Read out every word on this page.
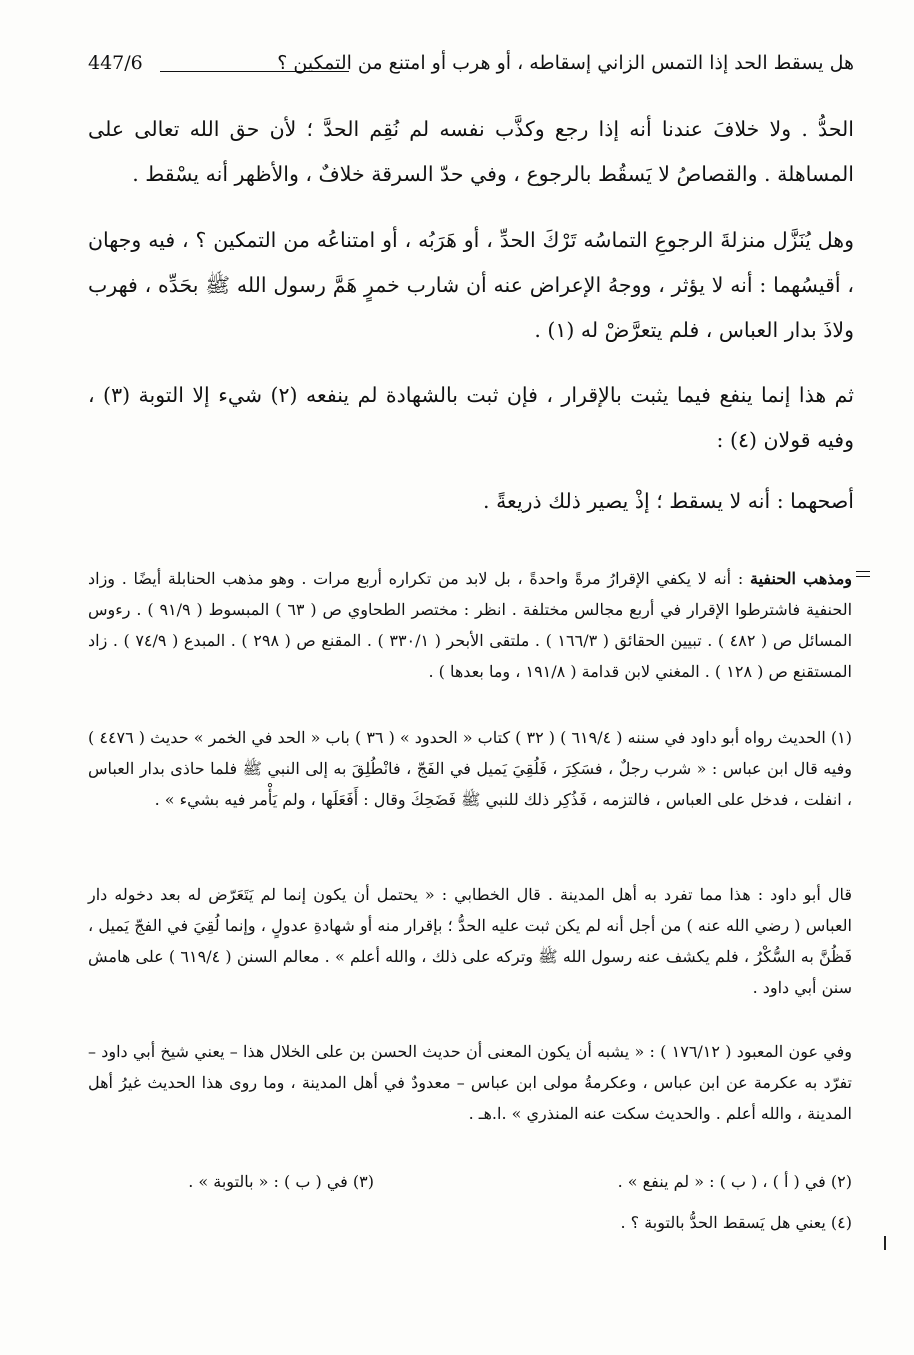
هل يسقط الحد إذا التمس الزاني إسقاطه ، أو هرب أو امتنع من التمكين ؟
447/6

الحدُّ . ولا خلافَ عندنا أنه إذا رجع وكذَّب نفسه لم نُقِم الحدَّ ؛ لأن حق الله تعالى على المساهلة . والقصاصُ لا يَسقُط بالرجوع ، وفي حدّ السرقة خلافٌ ، والأظهر أنه يسْقط .

وهل يُنَزَّل منزلةَ الرجوعِ التماسُه تَرْكَ الحدِّ ، أو هَرَبُه ، أو امتناعُه من التمكين ؟ ، فيه وجهان ، أقيسُهما : أنه لا يؤثر ، ووجهُ الإعراض عنه أن شارب خمرٍ هَمَّ رسول الله ﷺ بحَدِّه ، فهرب ولاذَ بدار العباس ، فلم يتعرَّضْ له (١) .

ثم هذا إنما ينفع فيما يثبت بالإقرار ، فإن ثبت بالشهادة لم ينفعه (٢) شيء إلا التوبة (٣) ، وفيه قولان (٤) :

أصحهما : أنه لا يسقط ؛ إذْ يصير ذلك ذريعةً .

ومذهب الحنفية : أنه لا يكفي الإقرارُ مرةً واحدةً ، بل لابد من تكراره أربع مرات . وهو مذهب الحنابلة أيضًا . وزاد الحنفية فاشترطوا الإقرار في أربع مجالس مختلفة . انظر : مختصر الطحاوي ص ( ٦٣ ) المبسوط ( ٩١/٩ ) . رءوس المسائل ص ( ٤٨٢ ) . تبيين الحقائق ( ١٦٦/٣ ) . ملتقى الأبحر ( ٣٣٠/١ ) . المقنع ص ( ٢٩٨ ) . المبدع ( ٧٤/٩ ) . زاد المستقنع ص ( ١٢٨ ) . المغني لابن قدامة ( ١٩١/٨ ، وما بعدها ) .

(١) الحديث رواه أبو داود في سننه ( ٦١٩/٤ ) ( ٣٢ ) كتاب « الحدود » ( ٣٦ ) باب « الحد في الخمر » حديث ( ٤٤٧٦ ) وفيه قال ابن عباس : « شرب رجلٌ ، فسَكِرَ ، فَلُقِيَ يَميل في الفَجّ ، فانْطُلِقَ به إلى النبي ﷺ فلما حاذى بدار العباس ، انفلت ، فدخل على العباس ، فالتزمه ، فَذُكِر ذلك للنبي ﷺ فَضَحِكَ وقال : أَفَعَلَها ، ولم يَأْمر فيه بشيء » .

قال أبو داود : هذا مما تفرد به أهل المدينة . قال الخطابي : « يحتمل أن يكون إنما لم يَتَعَرّض له بعد دخوله دار العباس ( رضي الله عنه ) من أجل أنه لم يكن ثبت عليه الحدُّ ؛ بإقرار منه أو شهادةِ عدولٍ ، وإنما لُقِيَ في الفجّ يَميل ، فَظُنَّ به السُّكْرُ ، فلم يكشف عنه رسول الله ﷺ وتركه على ذلك ، والله أعلم » . معالم السنن ( ٦١٩/٤ ) على هامش سنن أبي داود .

وفي عون المعبود ( ١٧٦/١٢ ) : « يشبه أن يكون المعنى أن حديث الحسن بن على الخلال هذا – يعني شيخ أبي داود – تفرّد به عكرمة عن ابن عباس ، وعكرمةُ مولى ابن عباس – معدودٌ في أهل المدينة ، وما روى هذا الحديث غيرُ أهل المدينة ، والله أعلم . والحديث سكت عنه المنذري » .ا.هـ .

(٢) في ( أ ) ، ( ب ) : « لم ينفع » .
(٣) في ( ب ) : « بالتوبة » .

(٤) يعني هل يَسقط الحدُّ بالتوبة ؟ .
